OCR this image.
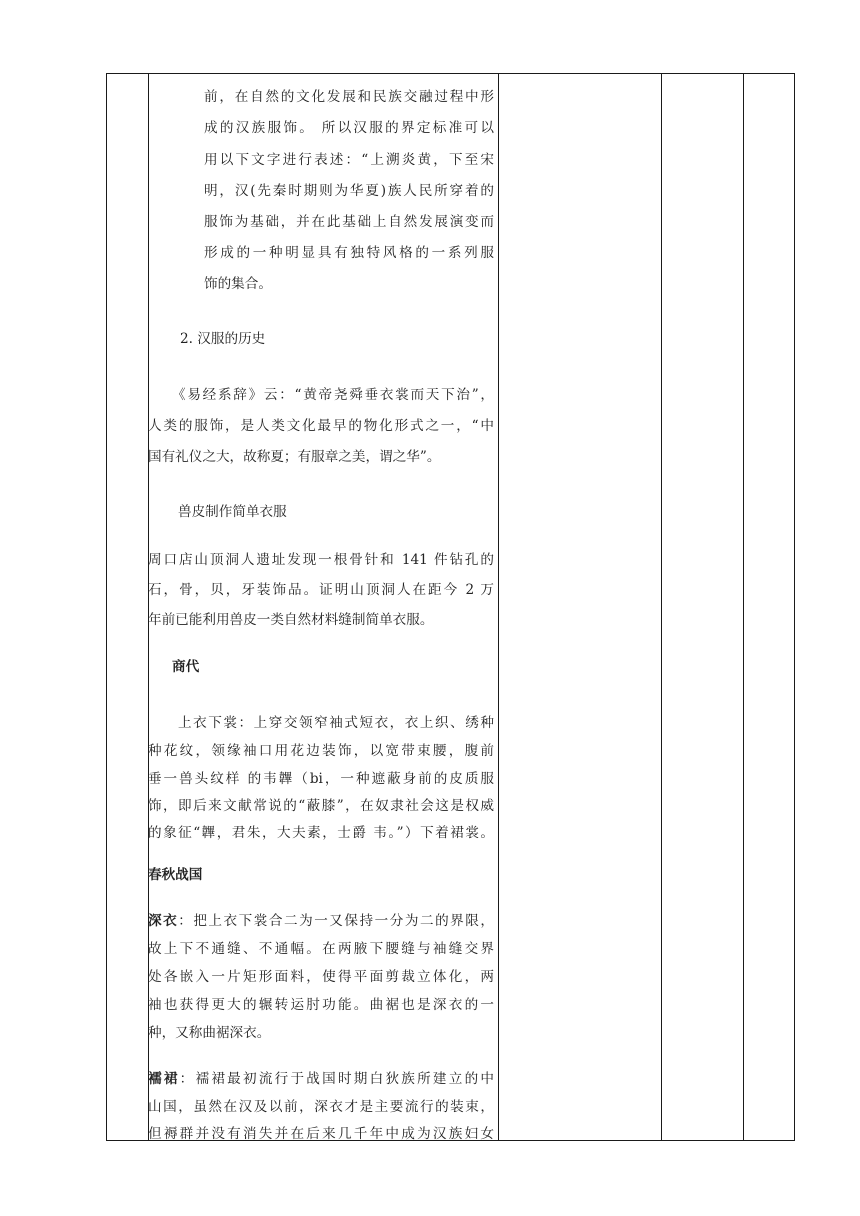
前，在自然的文化发展和民族交融过程中形
成的汉族服饰。 所以汉服的界定标准可以
用以下文字进行表述：“上溯炎黄，下至宋
明，汉(先秦时期则为华夏)族人民所穿着的
服饰为基础，并在此基础上自然发展演变而
形成的一种明显具有独特风格的一系列服
饰的集合。
2. 汉服的历史
《易经系辞》云：“黄帝尧舜垂衣裳而天下治”，
人类的服饰，是人类文化最早的物化形式之一，“中
国有礼仪之大，故称夏；有服章之美，谓之华”。
兽皮制作简单衣服
周口店山顶洞人遗址发现一根骨针和 141 件钻孔的
石，骨，贝，牙装饰品。证明山顶洞人在距今 2 万
年前已能利用兽皮一类自然材料缝制简单衣服。
商代
上衣下裳：上穿交领窄袖式短衣，衣上织、绣种
种花纹，领缘袖口用花边装饰，以宽带束腰，腹前
垂一兽头纹样 的韦韠（bi，一种遮蔽身前的皮质服
饰，即后来文献常说的“蔽膝”，在奴隶社会这是权威
的象征“韠，君朱，大夫素，士爵 韦。”）下着裙裳。
春秋战国
深衣：把上衣下裳合二为一又保持一分为二的界限，
故上下不通缝、不通幅。在两腋下腰缝与袖缝交界
处各嵌入一片矩形面料，使得平面剪裁立体化，两
袖也获得更大的辗转运肘功能。曲裾也是深衣的一
种，又称曲裾深衣。
襦裙：襦裙最初流行于战国时期白狄族所建立的中
山国，虽然在汉及以前，深衣才是主要流行的装束，
但褥群并没有消失并在后来几千年中成为汉族妇女
